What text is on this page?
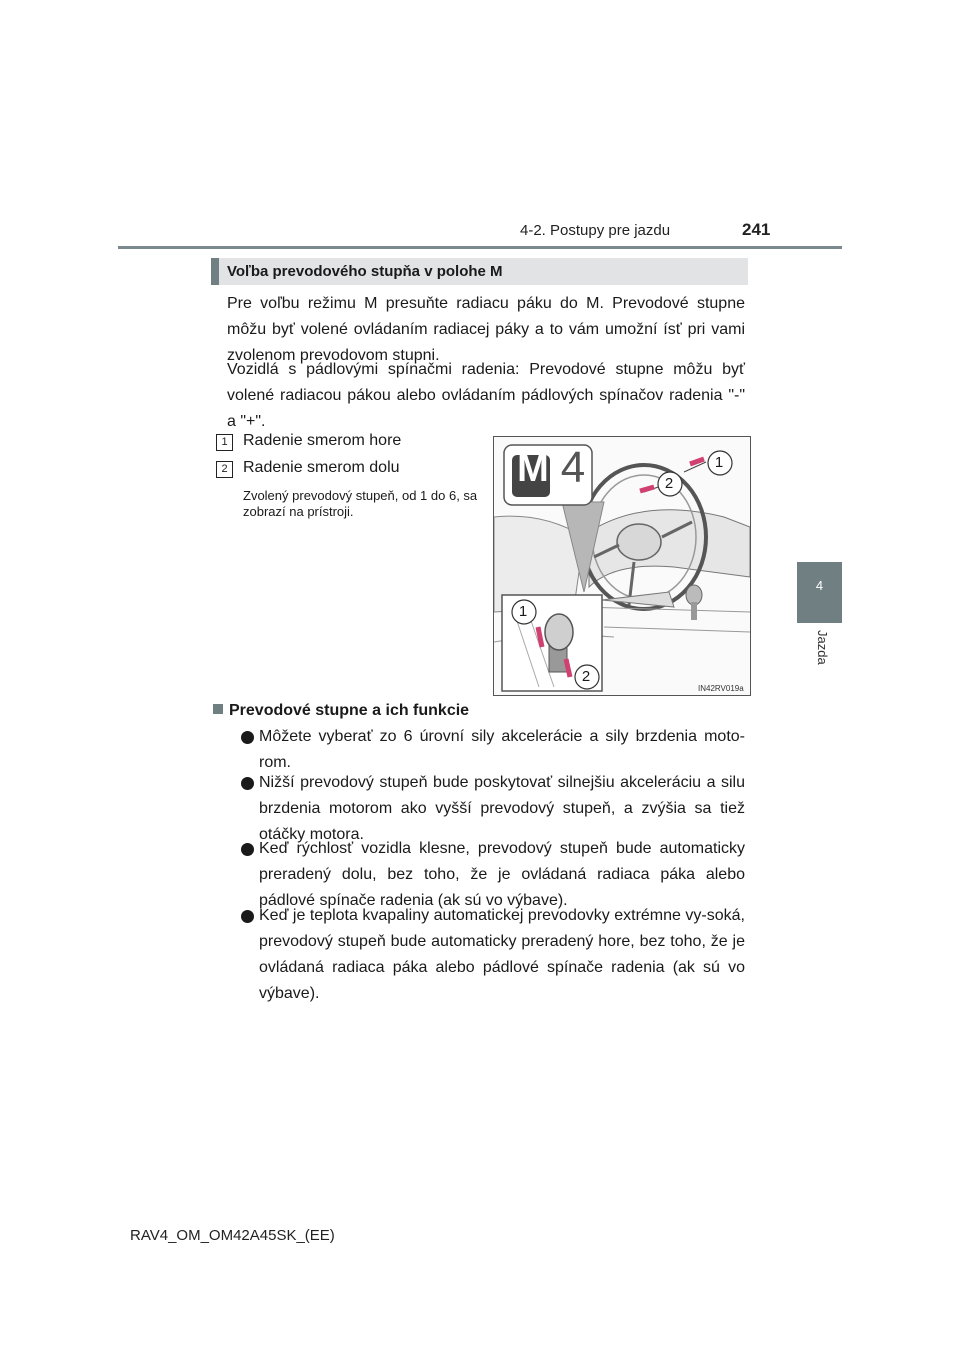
4-2. Postupy pre jazdu	241
4
Jazda
Voľba prevodového stupňa v polohe M

Pre voľbu režimu M presuňte radiacu páku do M. Prevodové stupne môžu byť volené ovládaním radiacej páky a to vám umožní ísť pri vami zvolenom prevodovom stupni.

Vozidlá s pádlovými spínačmi radenia: Prevodové stupne môžu byť volené radiacou pákou alebo ovládaním pádlových spínačov radenia "-" a "+".

1 Radenie smerom hore
2 Radenie smerom dolu
Zvolený prevodový stupeň, od 1 do 6, sa zobrazí na prístroji.
M 4	1
2
1
2
IN42RV019a
Prevodové stupne a ich funkcie

Môžete vyberať zo 6 úrovní sily akcelerácie a sily brzdenia moto-rom.

Nižší prevodový stupeň bude poskytovať silnejšiu akceleráciu a silu brzdenia motorom ako vyšší prevodový stupeň, a zvýšia sa tiež otáčky motora.

Keď rýchlosť vozidla klesne, prevodový stupeň bude automaticky preradený dolu, bez toho, že je ovládaná radiaca páka alebo pádlové spínače radenia (ak sú vo výbave).

Keď je teplota kvapaliny automatickej prevodovky extrémne vy-soká, prevodový stupeň bude automaticky preradený hore, bez toho, že je ovládaná radiaca páka alebo pádlové spínače radenia (ak sú vo výbave).

RAV4_OM_OM42A45SK_(EE)
